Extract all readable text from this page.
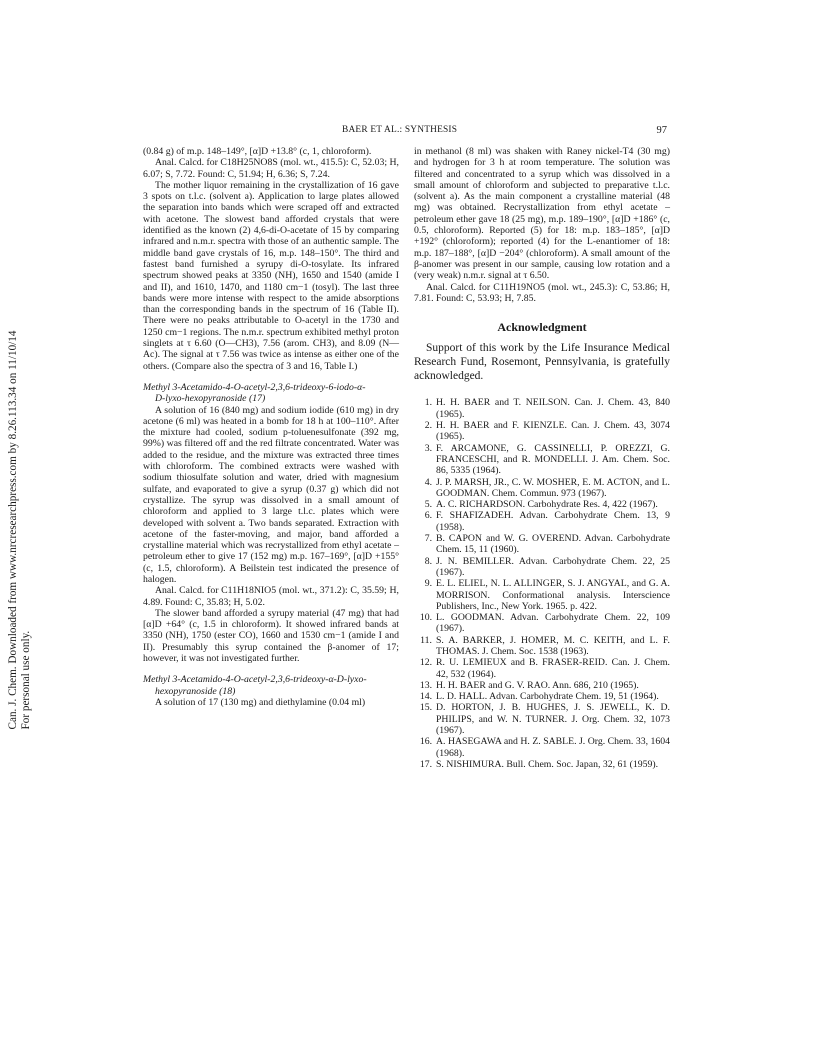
Can. J. Chem. Downloaded from www.nrcresearchpress.com by 8.26.113.34 on 11/10/14 For personal use only.
BAER ET AL.: SYNTHESIS	97

(0.84 g) of m.p. 148–149°, [α]D +13.8° (c, 1, chloroform).

Anal. Calcd. for C18H25NO8S (mol. wt., 415.5): C, 52.03; H, 6.07; S, 7.72. Found: C, 51.94; H, 6.36; S, 7.24.

The mother liquor remaining in the crystallization of 16 gave 3 spots on t.l.c. (solvent a). Application to large plates allowed the separation into bands which were scraped off and extracted with acetone. The slowest band afforded crystals that were identified as the known (2) 4,6-di-O-acetate of 15 by comparing infrared and n.m.r. spectra with those of an authentic sample. The middle band gave crystals of 16, m.p. 148–150°. The third and fastest band furnished a syrupy di-O-tosylate. Its infrared spectrum showed peaks at 3350 (NH), 1650 and 1540 (amide I and II), and 1610, 1470, and 1180 cm−1 (tosyl). The last three bands were more intense with respect to the amide absorptions than the corresponding bands in the spectrum of 16 (Table II). There were no peaks attributable to O-acetyl in the 1730 and 1250 cm−1 regions. The n.m.r. spectrum exhibited methyl proton singlets at τ 6.60 (O—CH3), 7.56 (arom. CH3), and 8.09 (N—Ac). The signal at τ 7.56 was twice as intense as either one of the others. (Compare also the spectra of 3 and 16, Table I.)

Methyl 3-Acetamido-4-O-acetyl-2,3,6-trideoxy-6-iodo-α-
D-lyxo-hexopyranoside (17)

A solution of 16 (840 mg) and sodium iodide (610 mg) in dry acetone (6 ml) was heated in a bomb for 18 h at 100–110°. After the mixture had cooled, sodium p-toluenesulfonate (392 mg, 99%) was filtered off and the red filtrate concentrated. Water was added to the residue, and the mixture was extracted three times with chloroform. The combined extracts were washed with sodium thiosulfate solution and water, dried with magnesium sulfate, and evaporated to give a syrup (0.37 g) which did not crystallize. The syrup was dissolved in a small amount of chloroform and applied to 3 large t.l.c. plates which were developed with solvent a. Two bands separated. Extraction with acetone of the faster-moving, and major, band afforded a crystalline material which was recrystallized from ethyl acetate – petroleum ether to give 17 (152 mg) m.p. 167–169°, [α]D +155° (c, 1.5, chloroform). A Beilstein test indicated the presence of halogen.

Anal. Calcd. for C11H18NIO5 (mol. wt., 371.2): C, 35.59; H, 4.89. Found: C, 35.83; H, 5.02.

The slower band afforded a syrupy material (47 mg) that had [α]D +64° (c, 1.5 in chloroform). It showed infrared bands at 3350 (NH), 1750 (ester CO), 1660 and 1530 cm−1 (amide I and II). Presumably this syrup contained the β-anomer of 17; however, it was not investigated further.

Methyl 3-Acetamido-4-O-acetyl-2,3,6-trideoxy-α-D-lyxo-
hexopyranoside (18)

A solution of 17 (130 mg) and diethylamine (0.04 ml)

in methanol (8 ml) was shaken with Raney nickel-T4 (30 mg) and hydrogen for 3 h at room temperature. The solution was filtered and concentrated to a syrup which was dissolved in a small amount of chloroform and subjected to preparative t.l.c. (solvent a). As the main component a crystalline material (48 mg) was obtained. Recrystallization from ethyl acetate – petroleum ether gave 18 (25 mg), m.p. 189–190°, [α]D +186° (c, 0.5, chloroform). Reported (5) for 18: m.p. 183–185°, [α]D +192° (chloroform); reported (4) for the L-enantiomer of 18: m.p. 187–188°, [α]D −204° (chloroform). A small amount of the β-anomer was present in our sample, causing low rotation and a (very weak) n.m.r. signal at τ 6.50.

Anal. Calcd. for C11H19NO5 (mol. wt., 245.3): C, 53.86; H, 7.81. Found: C, 53.93; H, 7.85.

Acknowledgment

Support of this work by the Life Insurance Medical Research Fund, Rosemont, Pennsylvania, is gratefully acknowledged.

1. H. H. BAER and T. NEILSON. Can. J. Chem. 43, 840 (1965).
2. H. H. BAER and F. KIENZLE. Can. J. Chem. 43, 3074 (1965).
3. F. ARCAMONE, G. CASSINELLI, P. OREZZI, G. FRANCESCHI, and R. MONDELLI. J. Am. Chem. Soc. 86, 5335 (1964).
4. J. P. MARSH, JR., C. W. MOSHER, E. M. ACTON, and L. GOODMAN. Chem. Commun. 973 (1967).
5. A. C. RICHARDSON. Carbohydrate Res. 4, 422 (1967).
6. F. SHAFIZADEH. Advan. Carbohydrate Chem. 13, 9 (1958).
7. B. CAPON and W. G. OVEREND. Advan. Carbohydrate Chem. 15, 11 (1960).
8. J. N. BEMILLER. Advan. Carbohydrate Chem. 22, 25 (1967).
9. E. L. ELIEL, N. L. ALLINGER, S. J. ANGYAL, and G. A. MORRISON. Conformational analysis. Interscience Publishers, Inc., New York. 1965. p. 422.
10. L. GOODMAN. Advan. Carbohydrate Chem. 22, 109 (1967).
11. S. A. BARKER, J. HOMER, M. C. KEITH, and L. F. THOMAS. J. Chem. Soc. 1538 (1963).
12. R. U. LEMIEUX and B. FRASER-REID. Can. J. Chem. 42, 532 (1964).
13. H. H. BAER and G. V. RAO. Ann. 686, 210 (1965).
14. L. D. HALL. Advan. Carbohydrate Chem. 19, 51 (1964).
15. D. HORTON, J. B. HUGHES, J. S. JEWELL, K. D. PHILIPS, and W. N. TURNER. J. Org. Chem. 32, 1073 (1967).
16. A. HASEGAWA and H. Z. SABLE. J. Org. Chem. 33, 1604 (1968).
17. S. NISHIMURA. Bull. Chem. Soc. Japan, 32, 61 (1959).
